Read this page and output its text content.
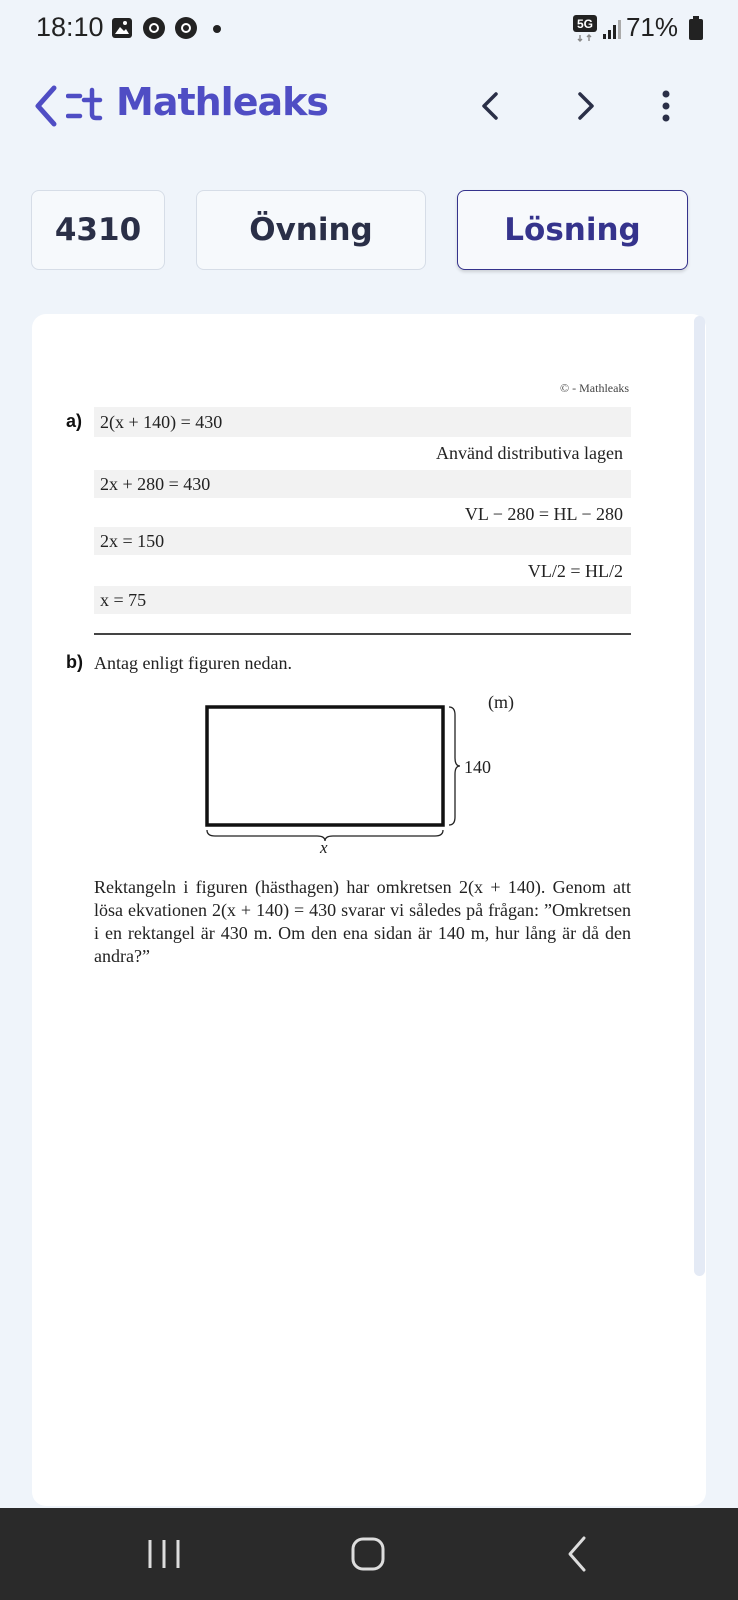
18:10	5G 71%
Mathleaks
4310	Övning	Lösning
© - Mathleaks
a) 2(x + 140) = 430
Använd distributiva lagen
2x + 280 = 430
VL − 280 = HL − 280
2x = 150
VL/2 = HL/2
x = 75
b) Antag enligt figuren nedan.
(m)
140
x
Rektangeln i figuren (hästhagen) har omkretsen 2(x + 140). Genom att lösa ekvationen 2(x + 140) = 430 svarar vi således på frågan: ”Omkretsen i en rektangel är 430 m. Om den ena sidan är 140 m, hur lång är då den andra?”
